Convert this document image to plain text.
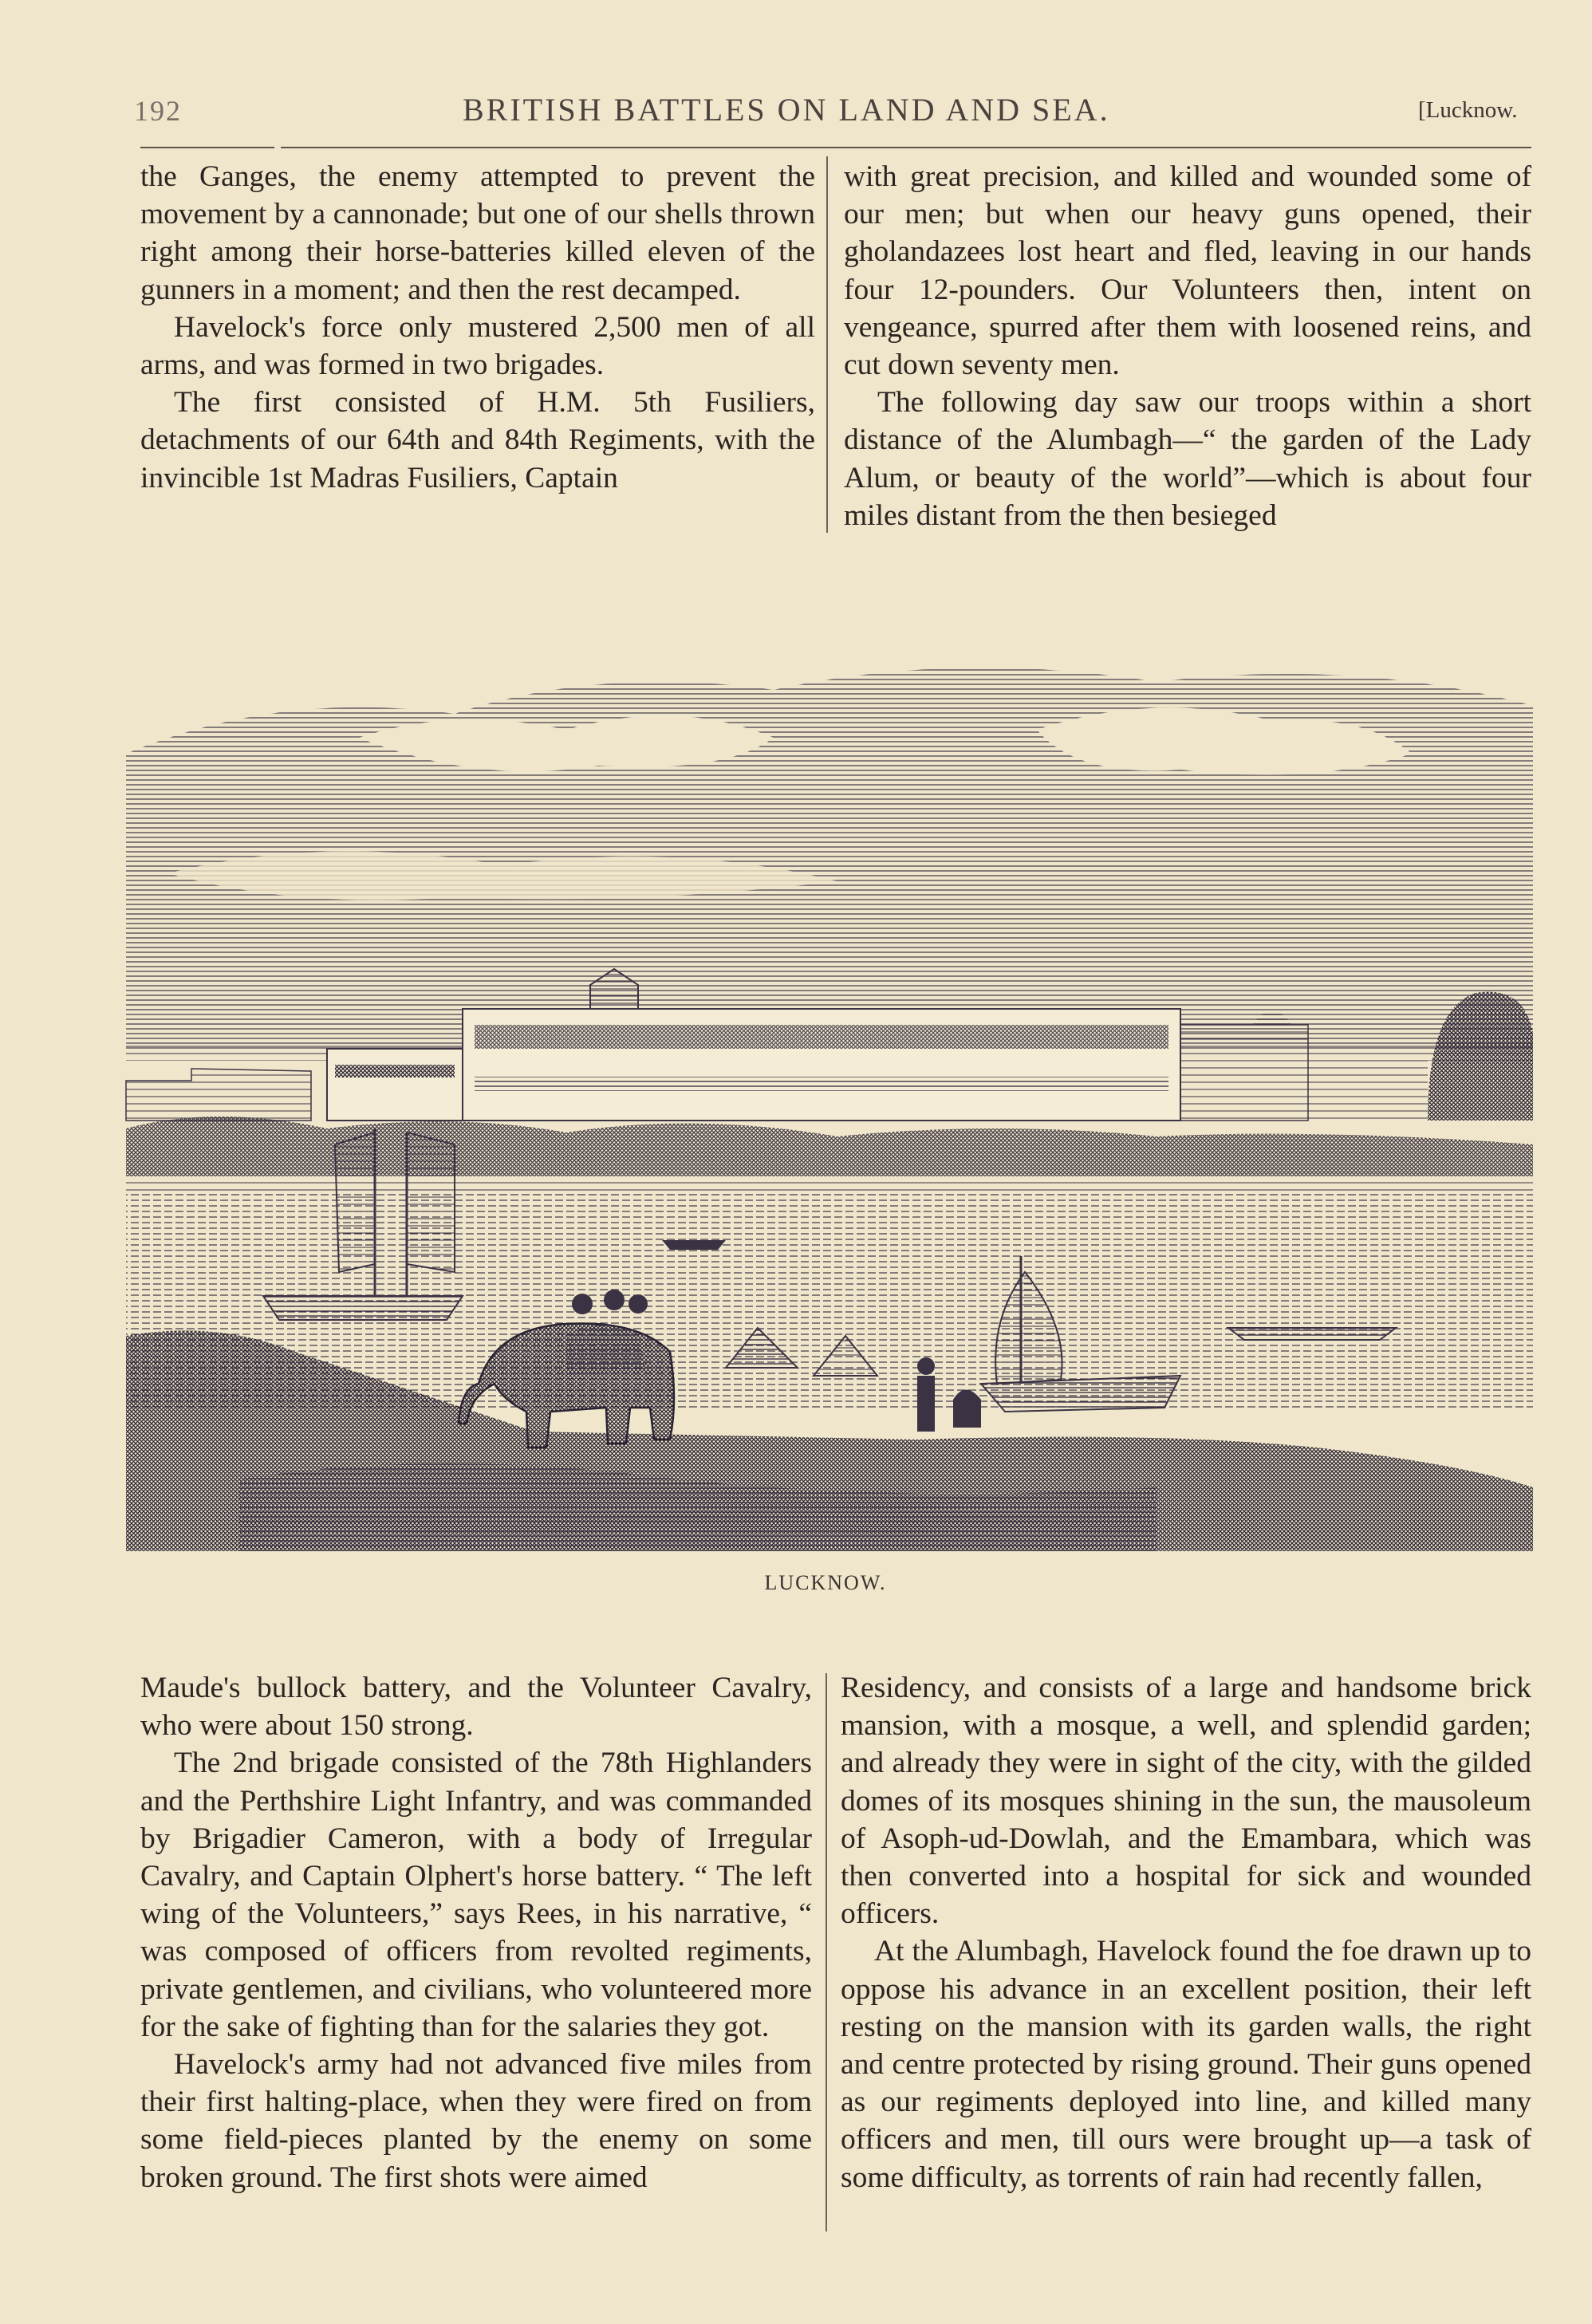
192	BRITISH BATTLES ON LAND AND SEA.	[Lucknow.

the Ganges, the enemy attempted to prevent the movement by a cannonade; but one of our shells thrown right among their horse-batteries killed eleven of the gunners in a moment; and then the rest decamped.

Havelock's force only mustered 2,500 men of all arms, and was formed in two brigades.

The first consisted of H.M. 5th Fusiliers, detachments of our 64th and 84th Regiments, with the invincible 1st Madras Fusiliers, Captain

with great precision, and killed and wounded some of our men; but when our heavy guns opened, their gholandazees lost heart and fled, leaving in our hands four 12-pounders. Our Volunteers then, intent on vengeance, spurred after them with loosened reins, and cut down seventy men.

The following day saw our troops within a short distance of the Alumbagh—“ the garden of the Lady Alum, or beauty of the world”—which is about four miles distant from the then besieged

LUCKNOW.

Maude's bullock battery, and the Volunteer Cavalry, who were about 150 strong.

The 2nd brigade consisted of the 78th Highlanders and the Perthshire Light Infantry, and was commanded by Brigadier Cameron, with a body of Irregular Cavalry, and Captain Olphert's horse battery. “ The left wing of the Volunteers,” says Rees, in his narrative, “ was composed of officers from revolted regiments, private gentlemen, and civilians, who volunteered more for the sake of fighting than for the salaries they got.

Havelock's army had not advanced five miles from their first halting-place, when they were fired on from some field-pieces planted by the enemy on some broken ground. The first shots were aimed

Residency, and consists of a large and handsome brick mansion, with a mosque, a well, and splendid garden; and already they were in sight of the city, with the gilded domes of its mosques shining in the sun, the mausoleum of Asoph-ud-Dowlah, and the Emambara, which was then converted into a hospital for sick and wounded officers.

At the Alumbagh, Havelock found the foe drawn up to oppose his advance in an excellent position, their left resting on the mansion with its garden walls, the right and centre protected by rising ground. Their guns opened as our regiments deployed into line, and killed many officers and men, till ours were brought up—a task of some difficulty, as torrents of rain had recently fallen,
